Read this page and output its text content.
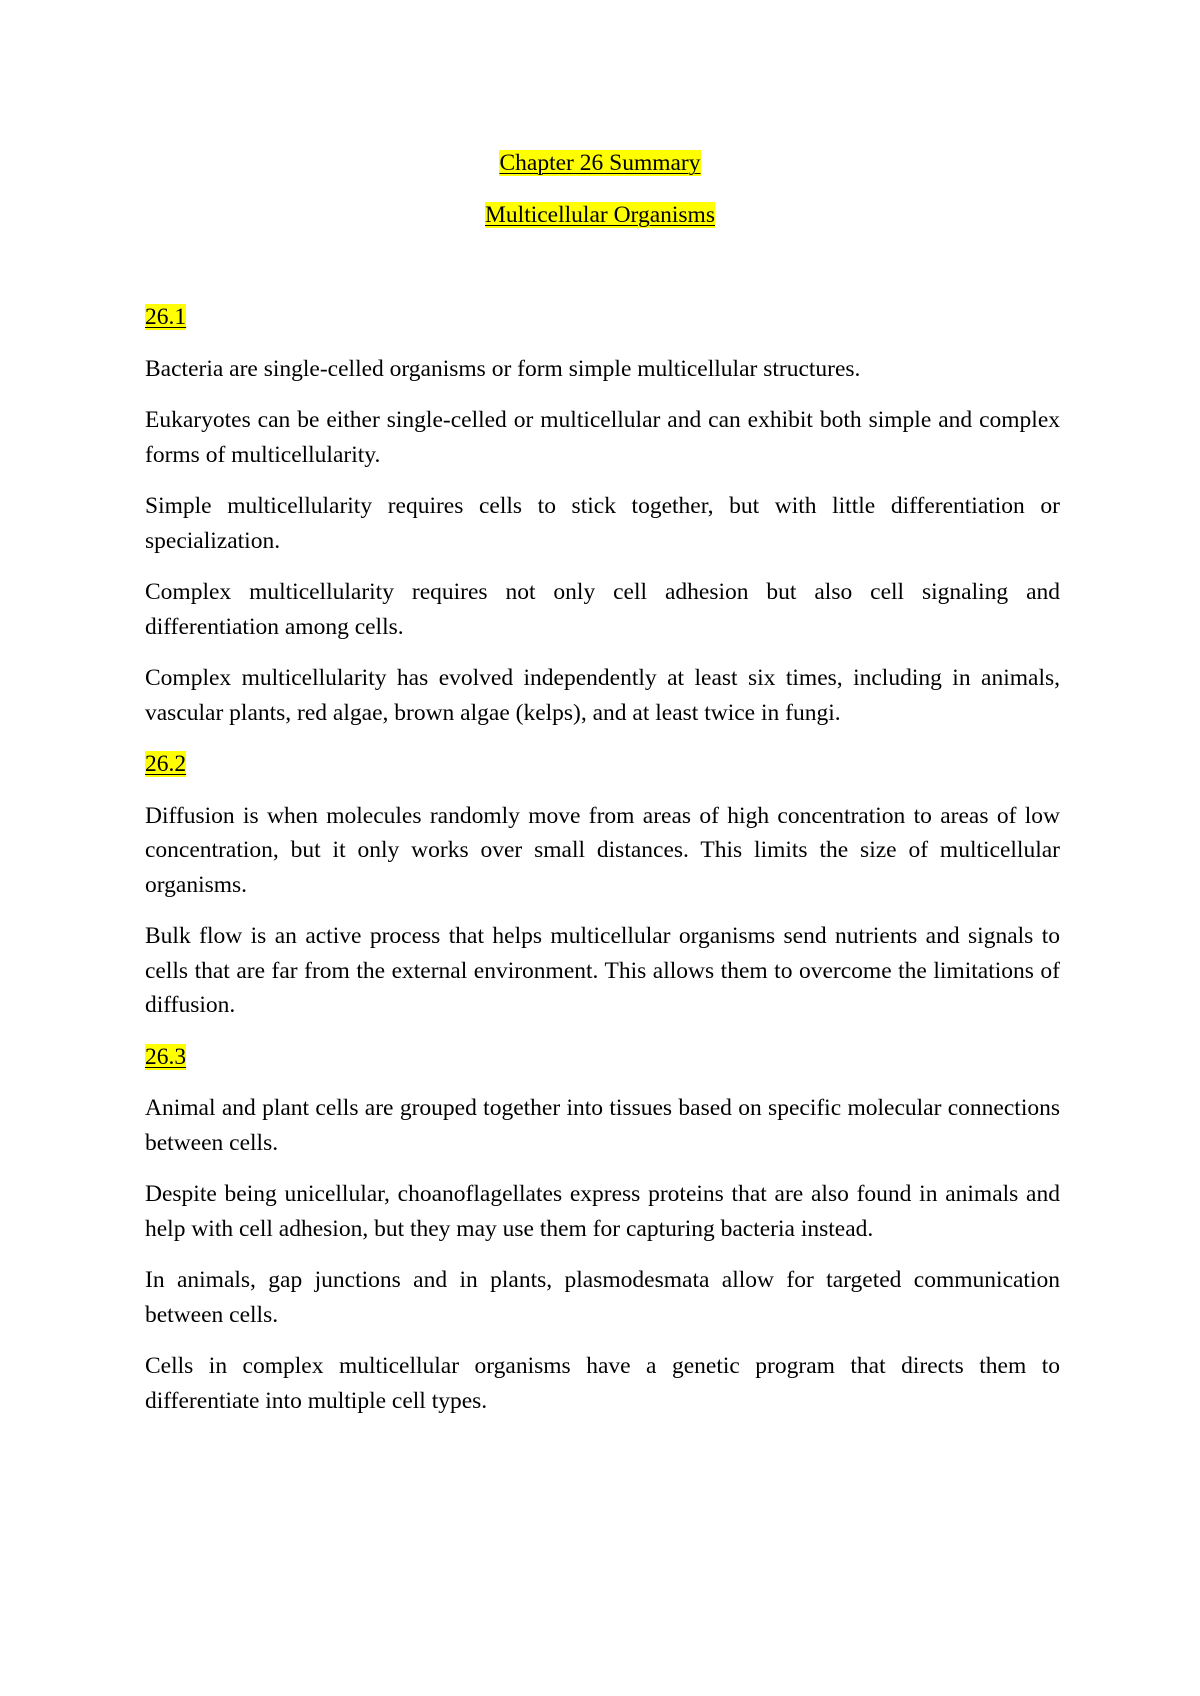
Chapter 26 Summary

Multicellular Organisms

26.1

Bacteria are single-celled organisms or form simple multicellular structures.

Eukaryotes can be either single-celled or multicellular and can exhibit both simple and complex forms of multicellularity.

Simple multicellularity requires cells to stick together, but with little differentiation or specialization.

Complex multicellularity requires not only cell adhesion but also cell signaling and differentiation among cells.

Complex multicellularity has evolved independently at least six times, including in animals, vascular plants, red algae, brown algae (kelps), and at least twice in fungi.

26.2

Diffusion is when molecules randomly move from areas of high concentration to areas of low concentration, but it only works over small distances. This limits the size of multicellular organisms.

Bulk flow is an active process that helps multicellular organisms send nutrients and signals to cells that are far from the external environment. This allows them to overcome the limitations of diffusion.

26.3

Animal and plant cells are grouped together into tissues based on specific molecular connections between cells.

Despite being unicellular, choanoflagellates express proteins that are also found in animals and help with cell adhesion, but they may use them for capturing bacteria instead.

In animals, gap junctions and in plants, plasmodesmata allow for targeted communication between cells.

Cells in complex multicellular organisms have a genetic program that directs them to differentiate into multiple cell types.
